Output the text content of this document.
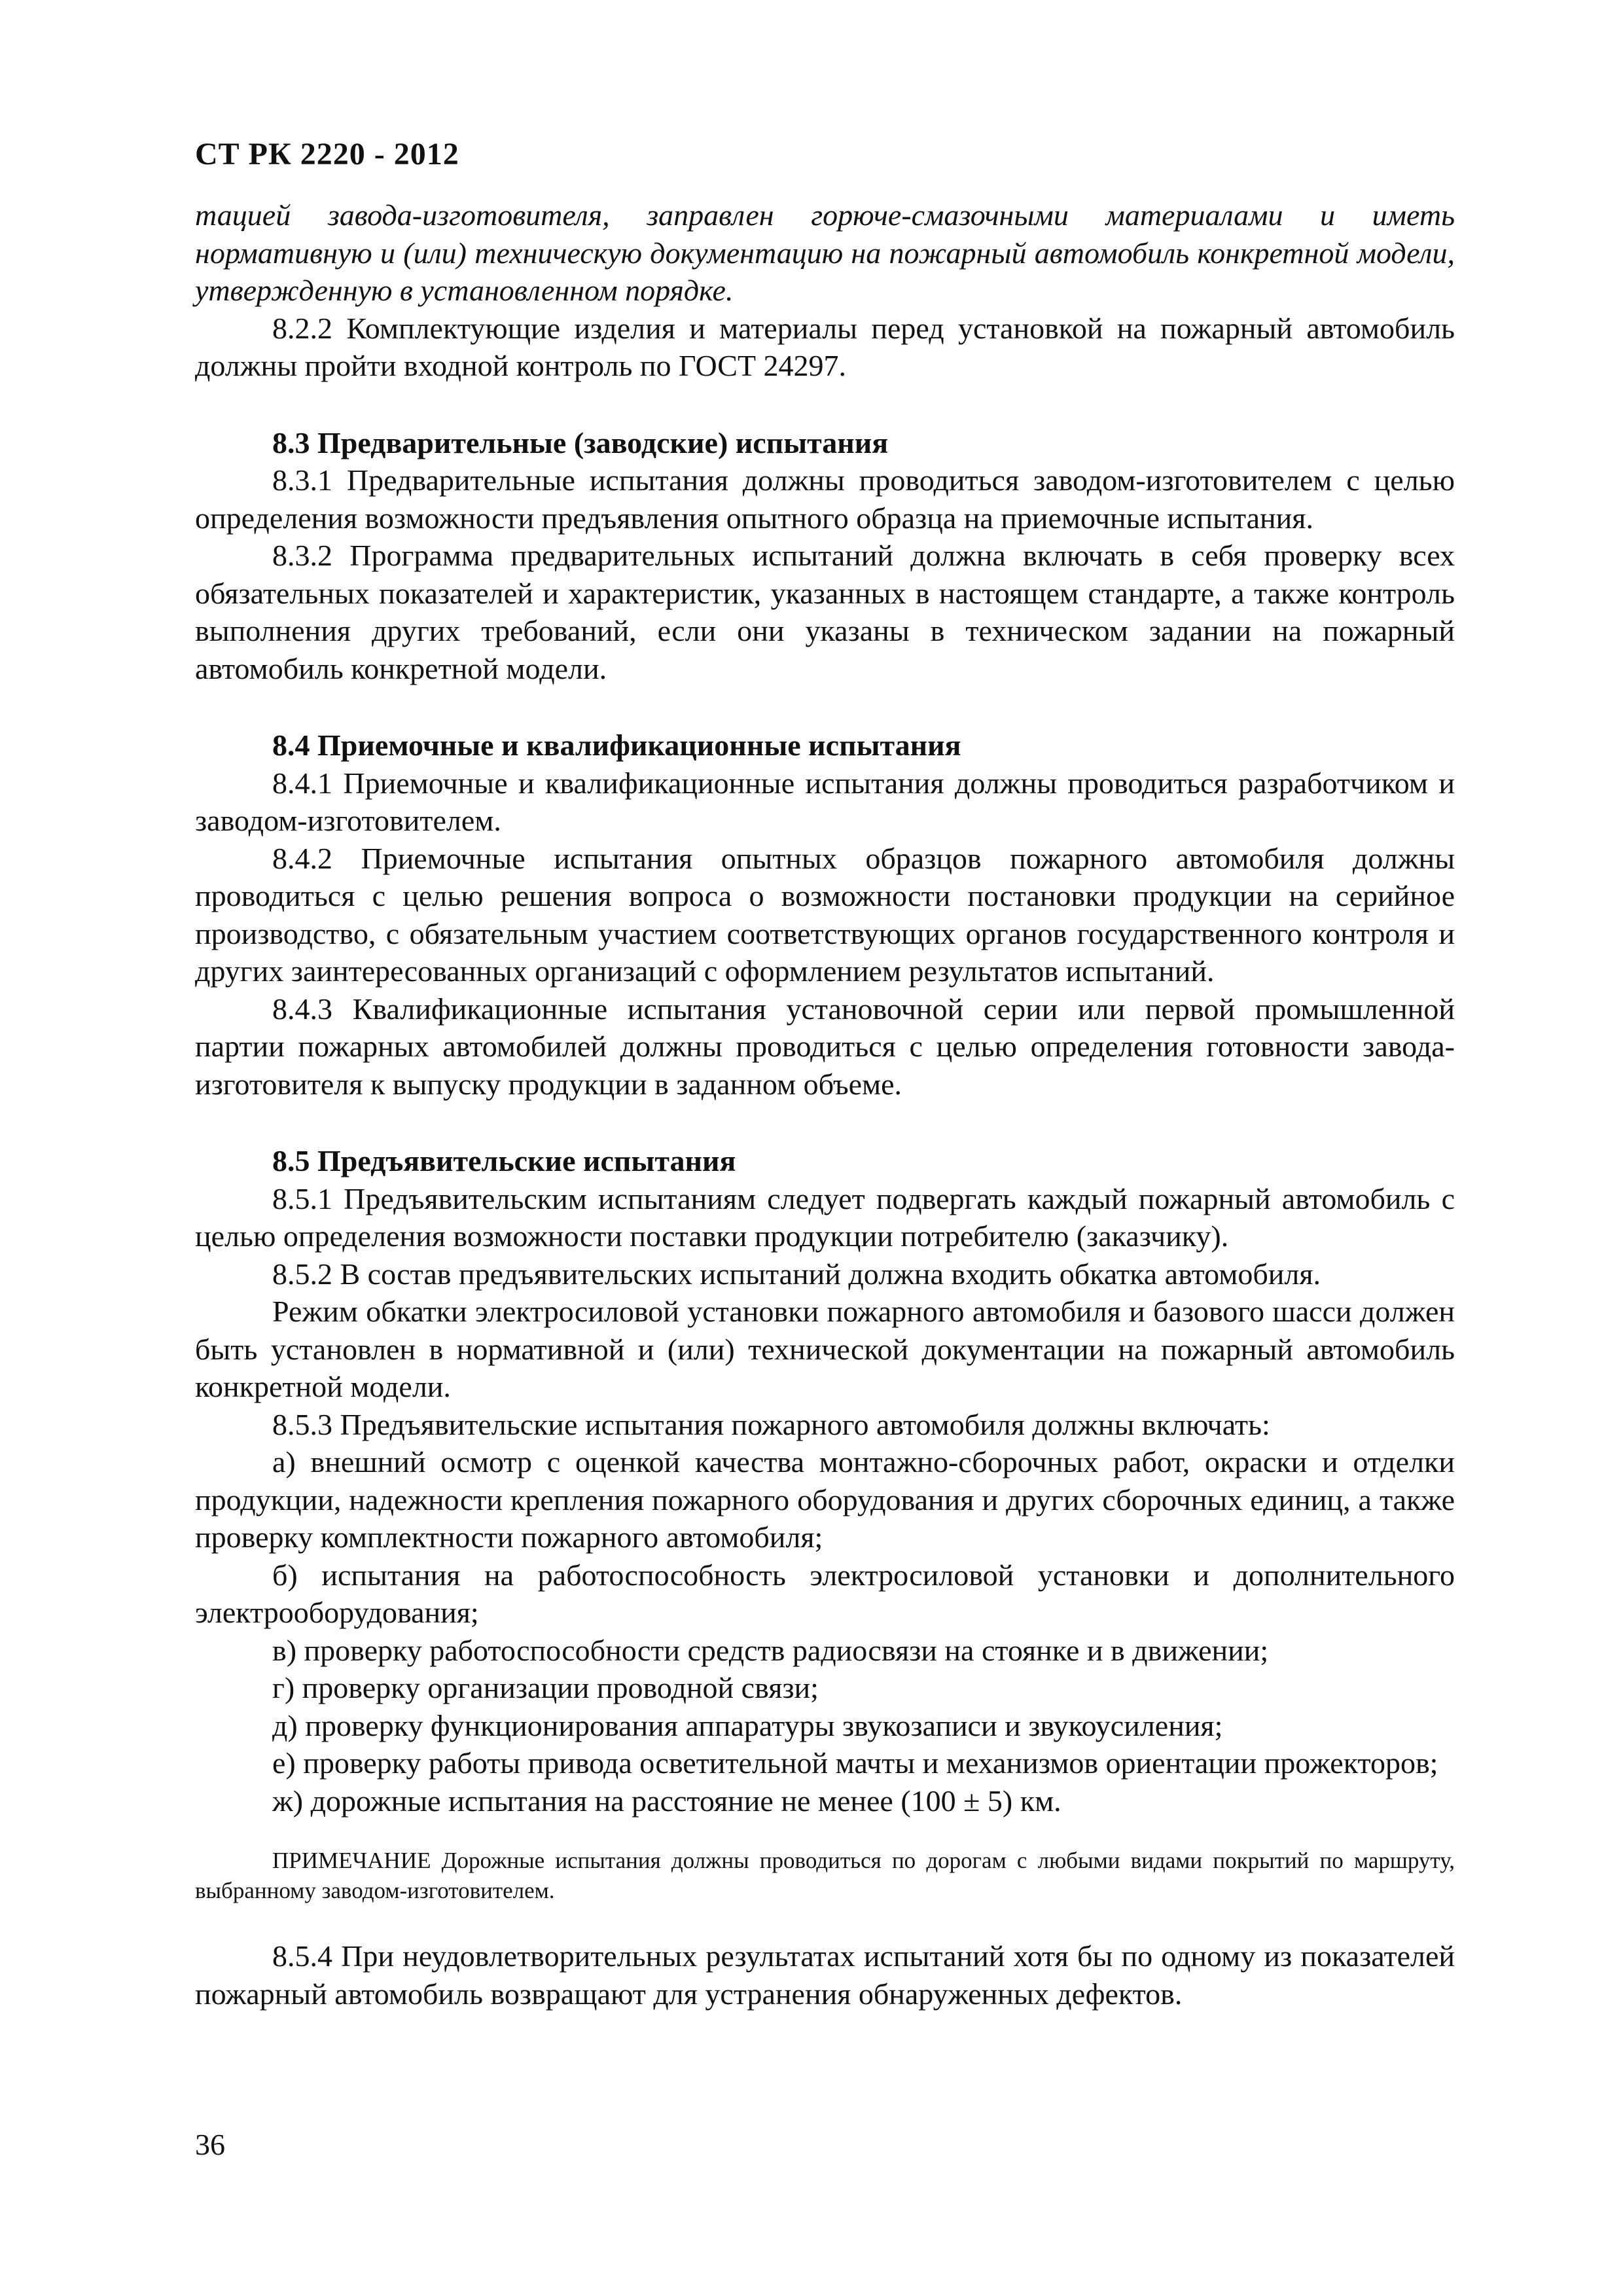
СТ РК 2220 - 2012

тацией завода-изготовителя, заправлен горюче-смазочными материалами и иметь нормативную и (или) техническую документацию на пожарный автомобиль конкретной модели, утвержденную в установленном порядке.

8.2.2 Комплектующие изделия и материалы перед установкой на пожарный автомобиль должны пройти входной контроль по ГОСТ 24297.

8.3 Предварительные (заводские) испытания

8.3.1 Предварительные испытания должны проводиться заводом-изготовителем с целью определения возможности предъявления опытного образца на приемочные испытания.

8.3.2 Программа предварительных испытаний должна включать в себя проверку всех обязательных показателей и характеристик, указанных в настоящем стандарте, а также контроль выполнения других требований, если они указаны в техническом задании на пожарный автомобиль конкретной модели.

8.4 Приемочные и квалификационные испытания

8.4.1 Приемочные и квалификационные испытания должны проводиться разработчиком и заводом-изготовителем.

8.4.2 Приемочные испытания опытных образцов пожарного автомобиля должны проводиться с целью решения вопроса о возможности постановки продукции на серийное производство, с обязательным участием соответствующих органов государственного контроля и других заинтересованных организаций с оформлением результатов испытаний.

8.4.3 Квалификационные испытания установочной серии или первой промышленной партии пожарных автомобилей должны проводиться с целью определения готовности завода-изготовителя к выпуску продукции в заданном объеме.

8.5 Предъявительские испытания

8.5.1 Предъявительским испытаниям следует подвергать каждый пожарный автомобиль с целью определения возможности поставки продукции потребителю (заказчику).

8.5.2 В состав предъявительских испытаний должна входить обкатка автомобиля.

Режим обкатки электросиловой установки пожарного автомобиля и базового шасси должен быть установлен в нормативной и (или) технической документации на пожарный автомобиль конкретной модели.

8.5.3 Предъявительские испытания пожарного автомобиля должны включать:

а) внешний осмотр с оценкой качества монтажно-сборочных работ, окраски и отделки продукции, надежности крепления пожарного оборудования и других сборочных единиц, а также проверку комплектности пожарного автомобиля;

б) испытания на работоспособность электросиловой установки и дополнительного электрооборудования;

в) проверку работоспособности средств радиосвязи на стоянке и в движении;

г) проверку организации проводной связи;

д) проверку функционирования аппаратуры звукозаписи и звукоусиления;

е) проверку работы привода осветительной мачты и механизмов ориентации прожекторов;

ж) дорожные испытания на расстояние не менее (100 ± 5) км.

ПРИМЕЧАНИЕ Дорожные испытания должны проводиться по дорогам с любыми видами покрытий по маршруту, выбранному заводом-изготовителем.

8.5.4 При неудовлетворительных результатах испытаний хотя бы по одному из показателей пожарный автомобиль возвращают для устранения обнаруженных дефектов.

36
